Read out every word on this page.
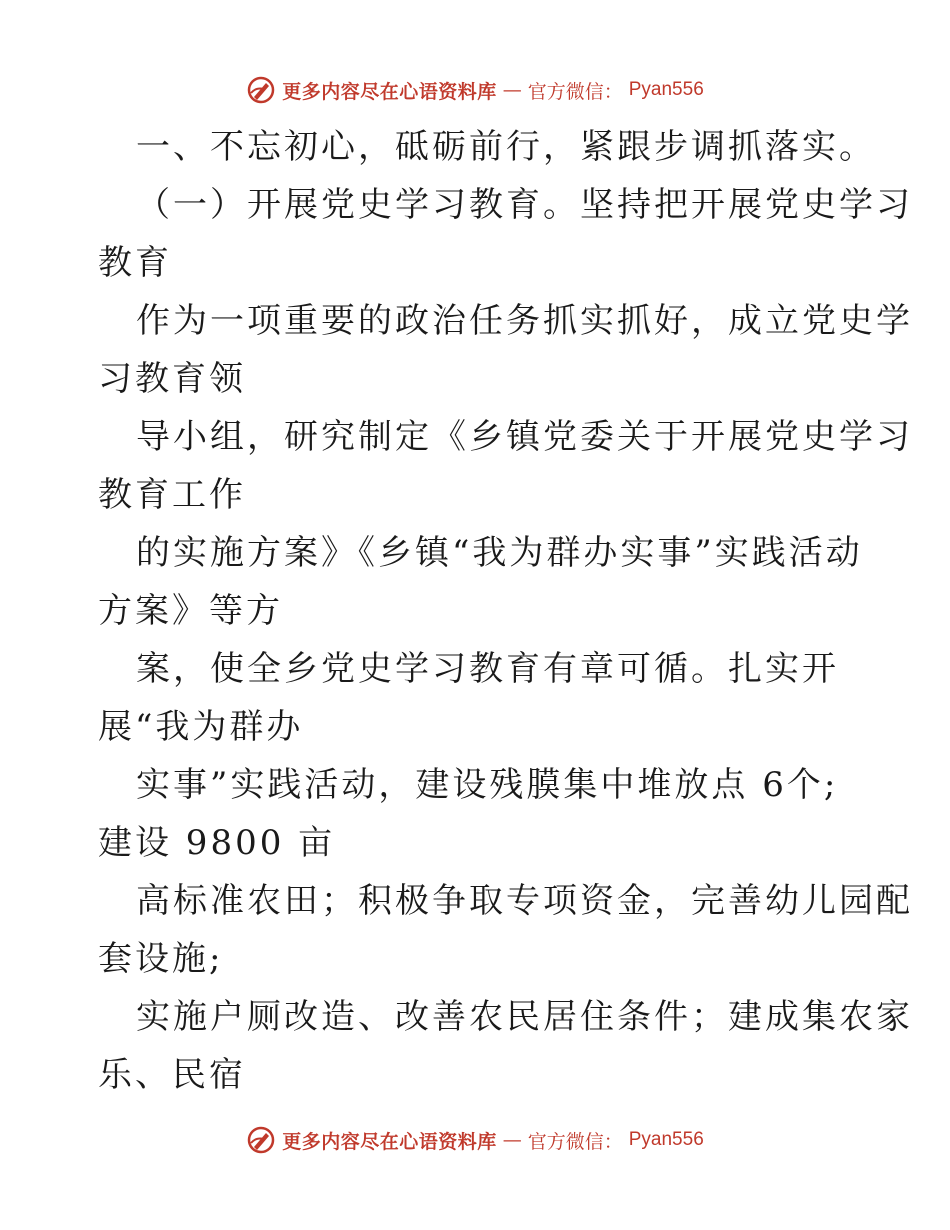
更多内容尽在心语资料库 — 官方微信： Pyan556
一、不忘初心，砥砺前行，紧跟步调抓落实。
（一）开展党史学习教育。坚持把开展党史学习
教育
作为一项重要的政治任务抓实抓好，成立党史学
习教育领
导小组，研究制定《乡镇党委关于开展党史学习
教育工作
的实施方案》《乡镇“我为群办实事”实践活动
方案》等方
案，使全乡党史学习教育有章可循。扎实开
展“我为群办
实事”实践活动，建设残膜集中堆放点 6个;
建设 9800 亩
高标准农田；积极争取专项资金，完善幼儿园配
套设施;
实施户厕改造、改善农民居住条件；建成集农家
乐、民宿
更多内容尽在心语资料库 — 官方微信： Pyan556
